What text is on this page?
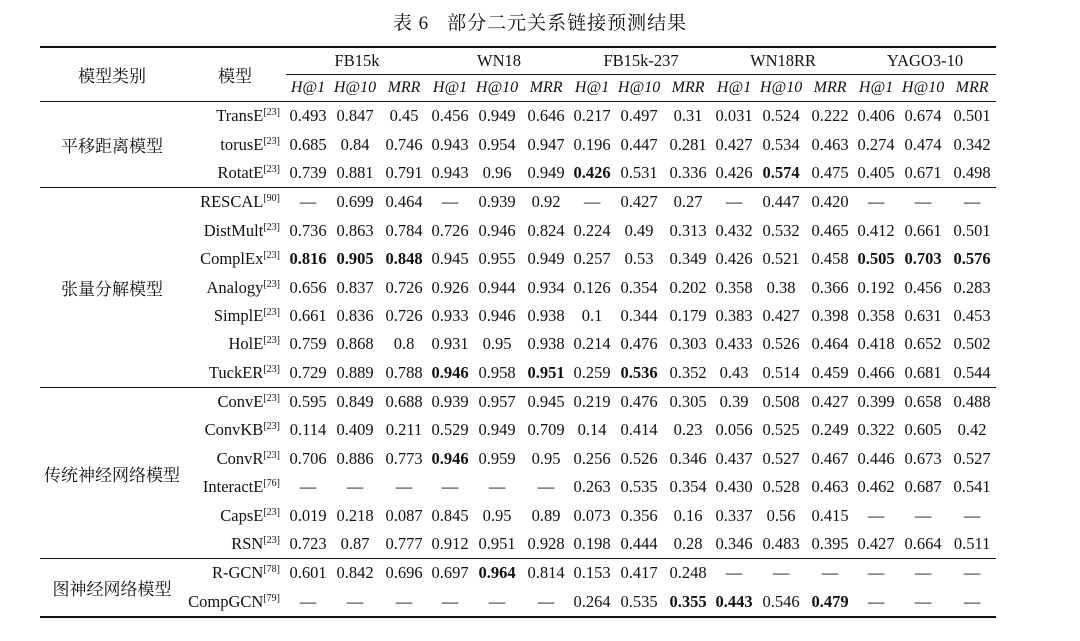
表 6 部分二元关系链接预测结果
模型类别	模型	FB15k			WN18			FB15k-237			WN18RR			YAGO3-10		
		H@1	H@10	MRR	H@1	H@10	MRR	H@1	H@10	MRR	H@1	H@10	MRR	H@1	H@10	MRR
平移距离模型	TransE[23]	0.493	0.847	0.45	0.456	0.949	0.646	0.217	0.497	0.31	0.031	0.524	0.222	0.406	0.674	0.501
	torusE[23]	0.685	0.84	0.746	0.943	0.954	0.947	0.196	0.447	0.281	0.427	0.534	0.463	0.274	0.474	0.342
	RotatE[23]	0.739	0.881	0.791	0.943	0.96	0.949	0.426	0.531	0.336	0.426	0.574	0.475	0.405	0.671	0.498
张量分解模型	RESCAL[90]	—	0.699	0.464	—	0.939	0.92	—	0.427	0.27	—	0.447	0.420	—	—	—
	DistMult[23]	0.736	0.863	0.784	0.726	0.946	0.824	0.224	0.49	0.313	0.432	0.532	0.465	0.412	0.661	0.501
	ComplEx[23]	0.816	0.905	0.848	0.945	0.955	0.949	0.257	0.53	0.349	0.426	0.521	0.458	0.505	0.703	0.576
	Analogy[23]	0.656	0.837	0.726	0.926	0.944	0.934	0.126	0.354	0.202	0.358	0.38	0.366	0.192	0.456	0.283
	SimplE[23]	0.661	0.836	0.726	0.933	0.946	0.938	0.1	0.344	0.179	0.383	0.427	0.398	0.358	0.631	0.453
	HolE[23]	0.759	0.868	0.8	0.931	0.95	0.938	0.214	0.476	0.303	0.433	0.526	0.464	0.418	0.652	0.502
	TuckER[23]	0.729	0.889	0.788	0.946	0.958	0.951	0.259	0.536	0.352	0.43	0.514	0.459	0.466	0.681	0.544
传统神经网络模型	ConvE[23]	0.595	0.849	0.688	0.939	0.957	0.945	0.219	0.476	0.305	0.39	0.508	0.427	0.399	0.658	0.488
	ConvKB[23]	0.114	0.409	0.211	0.529	0.949	0.709	0.14	0.414	0.23	0.056	0.525	0.249	0.322	0.605	0.42
	ConvR[23]	0.706	0.886	0.773	0.946	0.959	0.95	0.256	0.526	0.346	0.437	0.527	0.467	0.446	0.673	0.527
	InteractE[76]	—	—	—	—	—	—	0.263	0.535	0.354	0.430	0.528	0.463	0.462	0.687	0.541
	CapsE[23]	0.019	0.218	0.087	0.845	0.95	0.89	0.073	0.356	0.16	0.337	0.56	0.415	—	—	—
	RSN[23]	0.723	0.87	0.777	0.912	0.951	0.928	0.198	0.444	0.28	0.346	0.483	0.395	0.427	0.664	0.511
图神经网络模型	R-GCN[78]	0.601	0.842	0.696	0.697	0.964	0.814	0.153	0.417	0.248	—	—	—	—	—	—
	CompGCN[79]	—	—	—	—	—	—	0.264	0.535	0.355	0.443	0.546	0.479	—	—	—
